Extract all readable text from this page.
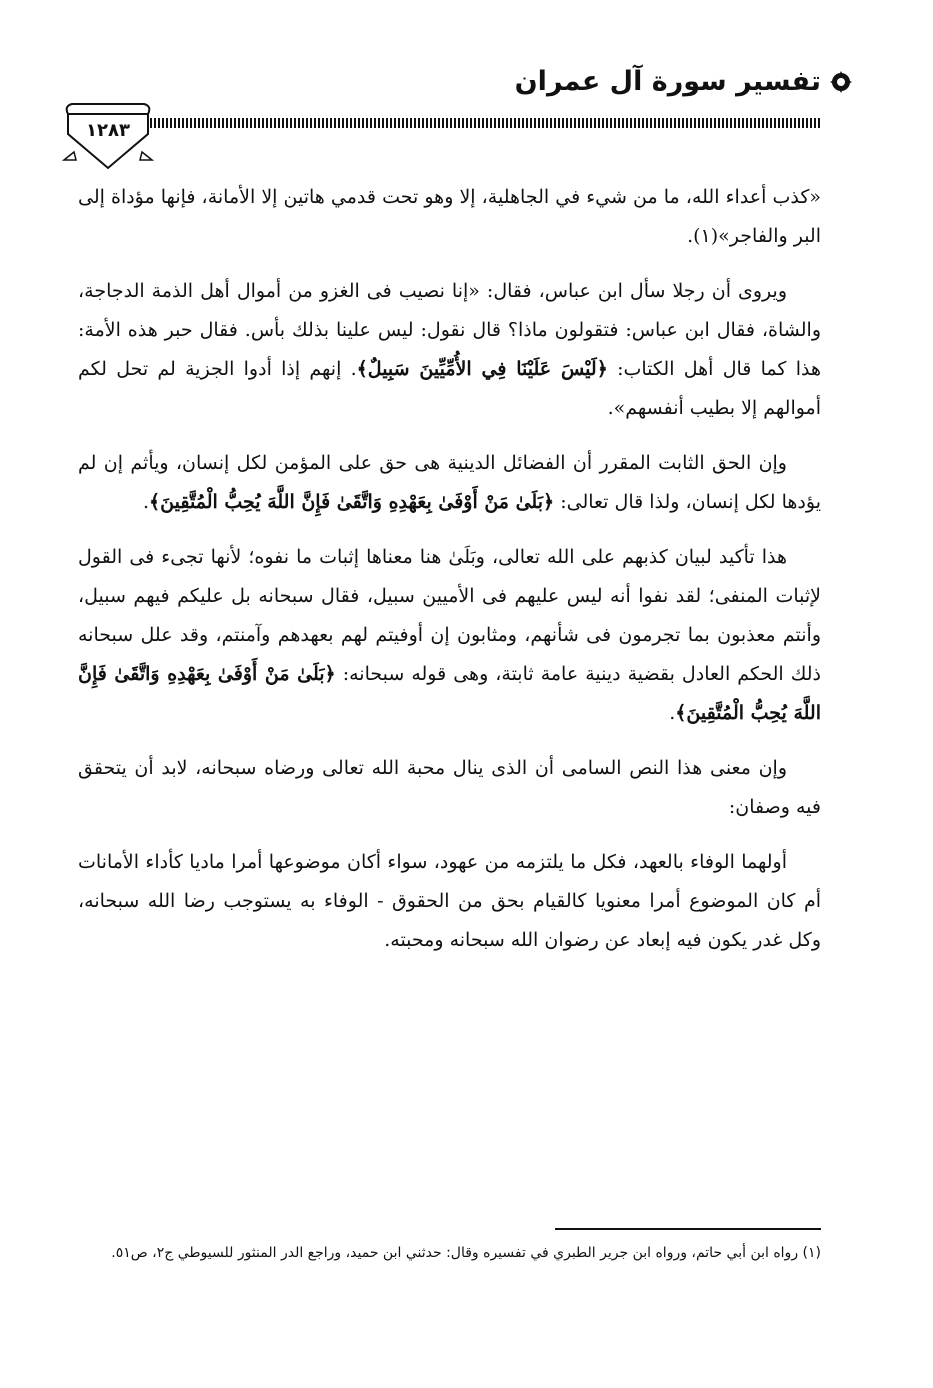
تفسير سورة آل عمران
١٢٨٣

«كذب أعداء الله، ما من شيء في الجاهلية، إلا وهو تحت قدمي هاتين إلا الأمانة، فإنها مؤداة إلى البر والفاجر»(١).

ويروى أن رجلا سأل ابن عباس، فقال: «إنا نصيب فى الغزو من أموال أهل الذمة الدجاجة، والشاة، فقال ابن عباس: فتقولون ماذا؟ قال نقول: ليس علينا بذلك بأس. فقال حبر هذه الأمة: هذا كما قال أهل الكتاب: ﴿لَيْسَ عَلَيْنَا فِي الأُمِّيِّينَ سَبِيلٌ﴾. إنهم إذا أدوا الجزية لم تحل لكم أموالهم إلا بطيب أنفسهم».

وإن الحق الثابت المقرر أن الفضائل الدينية هى حق على المؤمن لكل إنسان، ويأثم إن لم يؤدها لكل إنسان، ولذا قال تعالى: ﴿بَلَىٰ مَنْ أَوْفَىٰ بِعَهْدِهِ وَاتَّقَىٰ فَإِنَّ اللَّهَ يُحِبُّ الْمُتَّقِينَ﴾.

هذا تأكيد لبيان كذبهم على الله تعالى، وبَلَىٰ هنا معناها إثبات ما نفوه؛ لأنها تجىء فى القول لإثبات المنفى؛ لقد نفوا أنه ليس عليهم فى الأميين سبيل، فقال سبحانه بل عليكم فيهم سبيل، وأنتم معذبون بما تجرمون فى شأنهم، ومثابون إن أوفيتم لهم بعهدهم وآمنتم، وقد علل سبحانه ذلك الحكم العادل بقضية دينية عامة ثابتة، وهى قوله سبحانه: ﴿بَلَىٰ مَنْ أَوْفَىٰ بِعَهْدِهِ وَاتَّقَىٰ فَإِنَّ اللَّهَ يُحِبُّ الْمُتَّقِينَ﴾.

وإن معنى هذا النص السامى أن الذى ينال محبة الله تعالى ورضاه سبحانه، لابد أن يتحقق فيه وصفان:

أولهما الوفاء بالعهد، فكل ما يلتزمه من عهود، سواء أكان موضوعها أمرا ماديا كأداء الأمانات أم كان الموضوع أمرا معنويا كالقيام بحق من الحقوق - الوفاء به يستوجب رضا الله سبحانه، وكل غدر يكون فيه إبعاد عن رضوان الله سبحانه ومحبته.

(١) رواه ابن أبي حاتم، ورواه ابن جرير الطبري في تفسيره وقال: حدثني ابن حميد، وراجع الدر المنثور للسيوطي ج٢، ص٥١.
